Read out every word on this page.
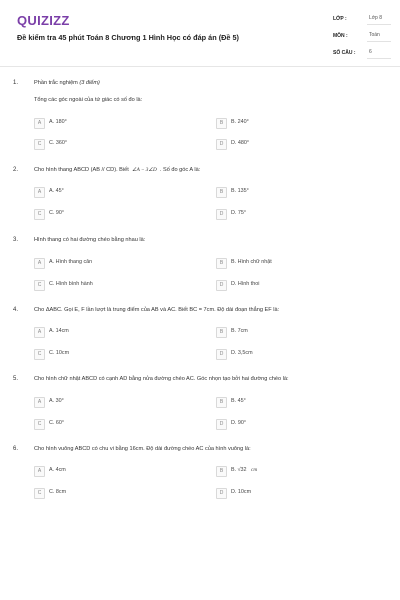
QUIZIZZ
Đề kiểm tra 45 phút Toán 8 Chương 1 Hình Học có đáp án (Đề 5)
LỚP :	Lớp 8
MÔN :	Toán
SỐ CÂU :	6
1.	Phần trắc nghiệm (3 điểm)
Tổng các góc ngoài của tứ giác có số đo là:
A	A. 180°	B	B. 240°
C	C. 360°	D	D. 480°
2.	Cho hình thang ABCD (AB // CD). Biết ∠A − 3∠D . Số đo góc A là:
A	A. 45°	B	B. 135°
C	C. 90°	D	D. 75°
3.	Hình thang có hai đường chéo bằng nhau là:
A	A. Hình thang cân	B	B. Hình chữ nhật
C	C. Hình bình hành	D	D. Hình thoi
4.	Cho ΔABC. Gọi E, F lần lượt là trung điểm của AB và AC. Biết BC = 7cm. Độ dài đoạn thẳng EF là:
A	A. 14cm	B	B. 7cm
C	C. 10cm	D	D. 3,5cm
5.	Cho hình chữ nhật ABCD có cạnh AD bằng nửa đường chéo AC. Góc nhọn tạo bởi hai đường chéo là:
A	A. 30°	B	B. 45°
C	C. 60°	D	D. 90°
6.	Cho hình vuông ABCD có chu vi bằng 16cm. Độ dài đường chéo AC của hình vuông là:
A	A. 4cm	B	B. √32 cm
C	C. 8cm	D	D. 10cm
